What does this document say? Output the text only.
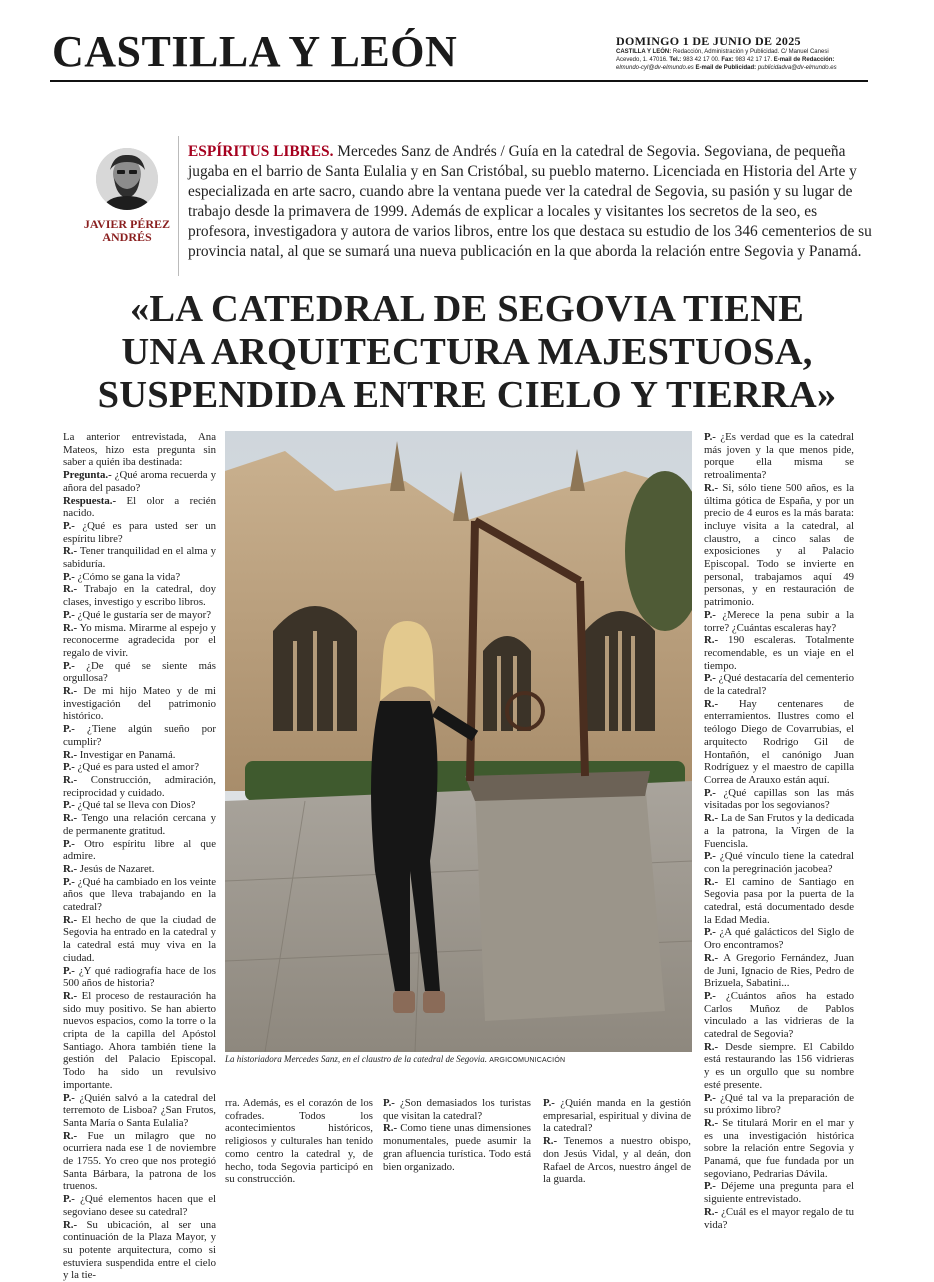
CASTILLA Y LEÓN	DOMINGO 1 DE JUNIO DE 2025
CASTILLA Y LEÓN: Redacción, Administración y Publicidad. C/ Manuel Canesi
Acevedo, 1. 47016. Tel.: 983 42 17 00. Fax: 983 42 17 17. E-mail de Redacción:
elmundo-cyl@dv-elmundo.es E-mail de Publicidad: publicidadva@dv-elmundo.es
JAVIER PÉREZ ANDRÉS
ESPÍRITUS LIBRES. Mercedes Sanz de Andrés / Guía en la catedral de Segovia. Segoviana, de pequeña jugaba en el barrio de Santa Eulalia y en San Cristóbal, su pueblo materno. Licenciada en Historia del Arte y especializada en arte sacro, cuando abre la ventana puede ver la catedral de Segovia, su pasión y su lugar de trabajo desde la primavera de 1999. Además de explicar a locales y visitantes los secretos de la seo, es profesora, investigadora y autora de varios libros, entre los que destaca su estudio de los 346 cementerios de su provincia natal, al que se sumará una nueva publicación en la que aborda la relación entre Segovia y Panamá.
«LA CATEDRAL DE SEGOVIA TIENE
UNA ARQUITECTURA MAJESTUOSA,
SUSPENDIDA ENTRE CIELO Y TIERRA»

La anterior entrevistada, Ana Mateos, hizo esta pregunta sin saber a quién iba destinada:

Pregunta.- ¿Qué aroma recuerda y añora del pasado?

Respuesta.- El olor a recién nacido.

P.- ¿Qué es para usted ser un espíritu libre?

R.- Tener tranquilidad en el alma y sabiduría.

P.- ¿Cómo se gana la vida?

R.- Trabajo en la catedral, doy clases, investigo y escribo libros.

P.- ¿Qué le gustaría ser de mayor?

R.- Yo misma. Mirarme al espejo y reconocerme agradecida por el regalo de vivir.

P.- ¿De qué se siente más orgullosa?

R.- De mi hijo Mateo y de mi investigación del patrimonio histórico.

P.- ¿Tiene algún sueño por cumplir?

R.- Investigar en Panamá.

P.- ¿Qué es para usted el amor?

R.- Construcción, admiración, reciprocidad y cuidado.

P.- ¿Qué tal se lleva con Dios?

R.- Tengo una relación cercana y de permanente gratitud.

P.- Otro espíritu libre al que admire.

R.- Jesús de Nazaret.

P.- ¿Qué ha cambiado en los veinte años que lleva trabajando en la catedral?

R.- El hecho de que la ciudad de Segovia ha entrado en la catedral y la catedral está muy viva en la ciudad.

P.- ¿Y qué radiografía hace de los 500 años de historia?

R.- El proceso de restauración ha sido muy positivo. Se han abierto nuevos espacios, como la torre o la cripta de la capilla del Apóstol Santiago. Ahora también tiene la gestión del Palacio Episcopal. Todo ha sido un revulsivo importante.

P.- ¿Quién salvó a la catedral del terremoto de Lisboa? ¿San Frutos, Santa María o Santa Eulalia?

R.- Fue un milagro que no ocurriera nada ese 1 de noviembre de 1755. Yo creo que nos protegió Santa Bárbara, la patrona de los truenos.

P.- ¿Qué elementos hacen que el segoviano desee su catedral?

R.- Su ubicación, al ser una continuación de la Plaza Mayor, y su potente arquitectura, como si estuviera suspendida entre el cielo y la tie-

La historiadora Mercedes Sanz, en el claustro de la catedral de Segovia. ARGICOMUNICACIÓN

P.- ¿Es verdad que es la catedral más joven y la que menos pide, porque ella misma se retroalimenta?

R.- Si, sólo tiene 500 años, es la última gótica de España, y por un precio de 4 euros es la más barata: incluye visita a la catedral, al claustro, a cinco salas de exposiciones y al Palacio Episcopal. Todo se invierte en personal, trabajamos aquí 49 personas, y en restauración de patrimonio.

P.- ¿Merece la pena subir a la torre? ¿Cuántas escaleras hay?

R.- 190 escaleras. Totalmente recomendable, es un viaje en el tiempo.

P.- ¿Qué destacaría del cementerio de la catedral?

R.- Hay centenares de enterramientos. Ilustres como el teólogo Diego de Covarrubias, el arquitecto Rodrigo Gil de Hontañón, el canónigo Juan Rodríguez y el maestro de capilla Correa de Arauxo están aquí.

P.- ¿Qué capillas son las más visitadas por los segovianos?

R.- La de San Frutos y la dedicada a la patrona, la Virgen de la Fuencisla.

P.- ¿Qué vínculo tiene la catedral con la peregrinación jacobea?

R.- El camino de Santiago en Segovia pasa por la puerta de la catedral, está documentado desde la Edad Media.

P.- ¿A qué galácticos del Siglo de Oro encontramos?

R.- A Gregorio Fernández, Juan de Juni, Ignacio de Ries, Pedro de Brizuela, Sabatini...

P.- ¿Cuántos años ha estado Carlos Muñoz de Pablos vinculado a las vidrieras de la catedral de Segovia?

R.- Desde siempre. El Cabildo está restaurando las 156 vidrieras y es un orgullo que su nombre esté presente.

P.- ¿Qué tal va la preparación de su próximo libro?

R.- Se titulará Morir en el mar y es una investigación histórica sobre la relación entre Segovia y Panamá, que fue fundada por un segoviano, Pedrarias Dávila.

P.- Déjeme una pregunta para el siguiente entrevistado.

R.- ¿Cuál es el mayor regalo de tu vida?

rra. Además, es el corazón de los cofrades. Todos los acontecimientos históricos, religiosos y culturales han tenido como centro la catedral y, de hecho, toda Segovia participó en su construcción.

P.- ¿Son demasiados los turistas que visitan la catedral?

R.- Como tiene unas dimensiones monumentales, puede asumir la gran afluencia turística. Todo está bien organizado.

P.- ¿Quién manda en la gestión empresarial, espiritual y divina de la catedral?

R.- Tenemos a nuestro obispo, don Jesús Vidal, y al deán, don Rafael de Arcos, nuestro ángel de la guarda.
